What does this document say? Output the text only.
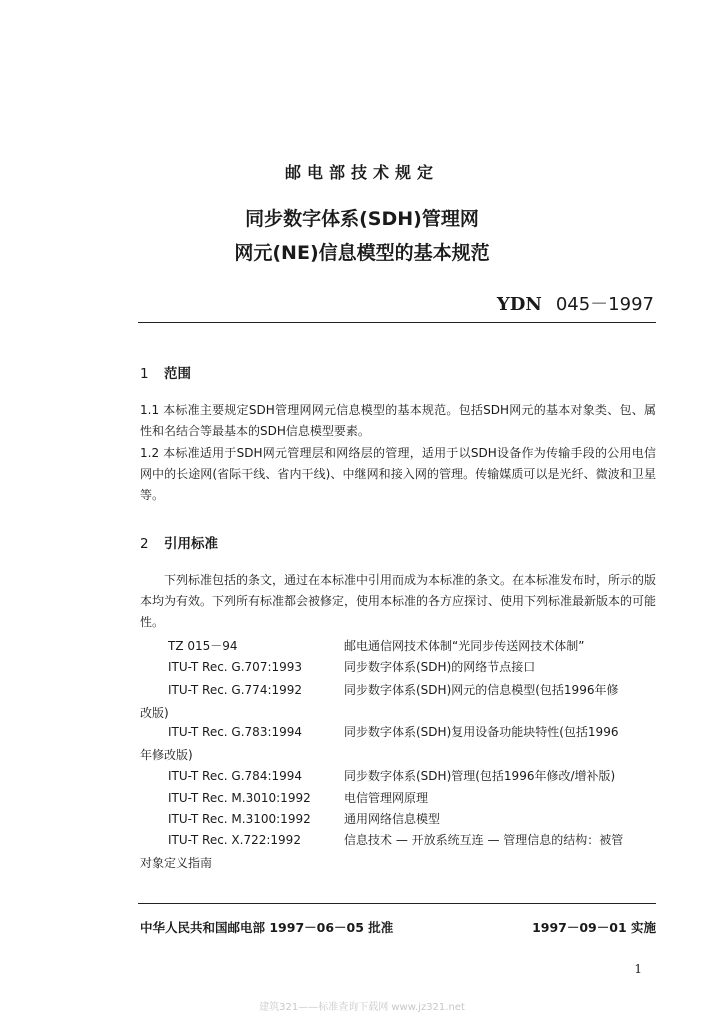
邮电部技术规定
同步数字体系(SDH)管理网
网元(NE)信息模型的基本规范
YDN 045－1997
1 范围
1.1 本标准主要规定SDH管理网网元信息模型的基本规范。包括SDH网元的基本对象类、包、属性和名结合等最基本的SDH信息模型要素。
1.2 本标准适用于SDH网元管理层和网络层的管理，适用于以SDH设备作为传输手段的公用电信网中的长途网(省际干线、省内干线)、中继网和接入网的管理。传输媒质可以是光纤、微波和卫星等。
2 引用标准
下列标准包括的条文，通过在本标准中引用而成为本标准的条文。在本标准发布时，所示的版本均为有效。下列所有标准都会被修定，使用本标准的各方应探讨、使用下列标准最新版本的可能性。
TZ 015－94	邮电通信网技术体制“光同步传送网技术体制”
ITU-T Rec. G.707:1993	同步数字体系(SDH)的网络节点接口
ITU-T Rec. G.774:1992	同步数字体系(SDH)网元的信息模型(包括1996年修
改版)
ITU-T Rec. G.783:1994	同步数字体系(SDH)复用设备功能块特性(包括1996
年修改版)
ITU-T Rec. G.784:1994	同步数字体系(SDH)管理(包括1996年修改/增补版)
ITU-T Rec. M.3010:1992	电信管理网原理
ITU-T Rec. M.3100:1992	通用网络信息模型
ITU-T Rec. X.722:1992	信息技术 — 开放系统互连 — 管理信息的结构：被管
对象定义指南
中华人民共和国邮电部 1997－06－05 批准	1997－09－01 实施
1
建筑321——标准查询下载网 www.jz321.net
